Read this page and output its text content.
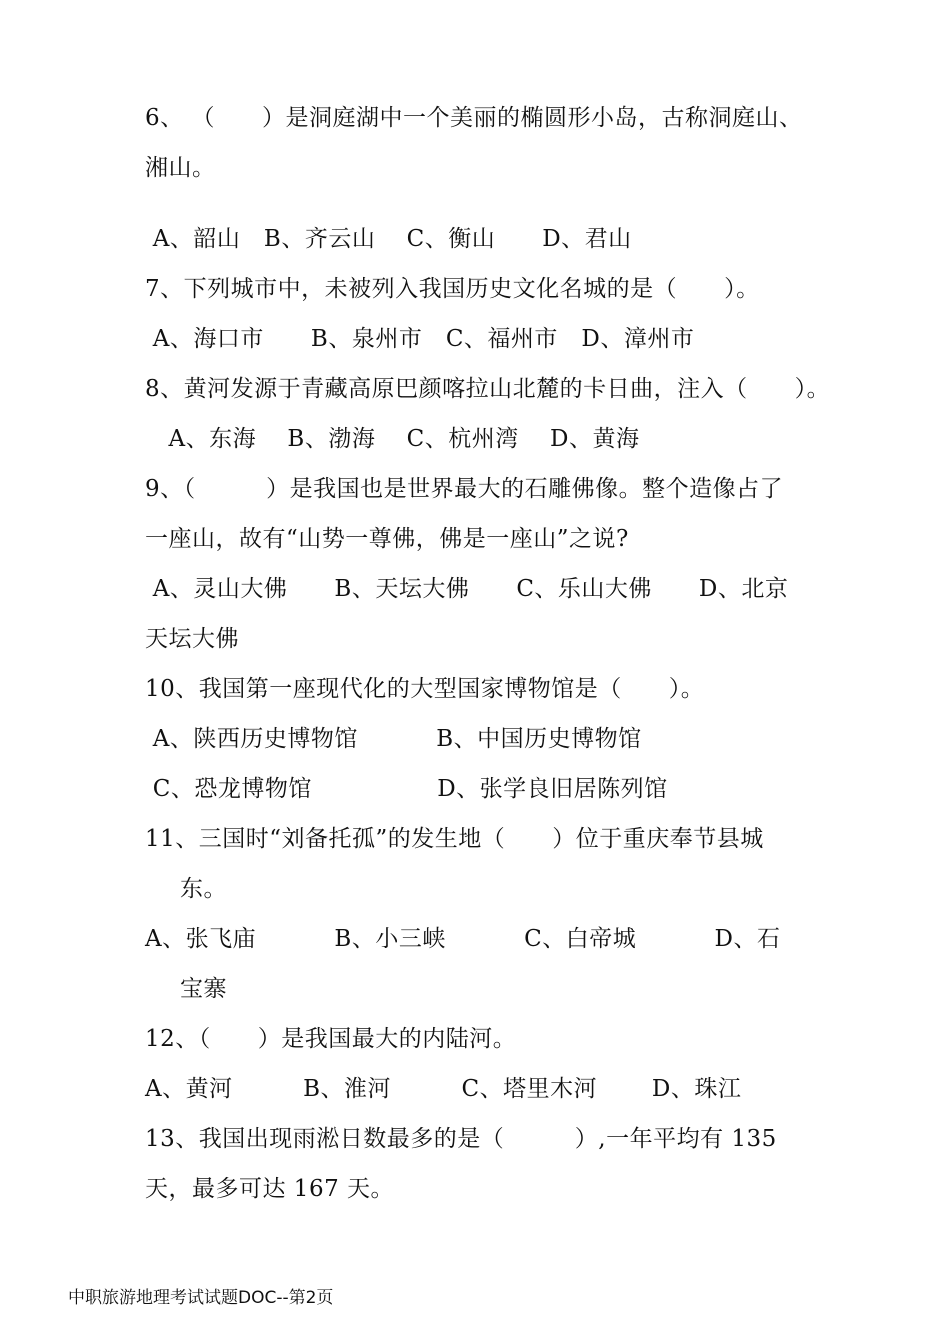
6、 （　　）是洞庭湖中一个美丽的椭圆形小岛，古称洞庭山、
湘山。
A、韶山　B、齐云山　 C、衡山　　D、君山
7、下列城市中，未被列入我国历史文化名城的是（　　）。
A、海口市　　B、泉州市　C、福州市　D、漳州市
8、黄河发源于青藏高原巴颜喀拉山北麓的卡日曲，注入（　　）。
　A、东海　 B、渤海　 C、杭州湾　 D、黄海
9、（　　　）是我国也是世界最大的石雕佛像。整个造像占了
一座山，故有“山势一尊佛，佛是一座山”之说?
A、灵山大佛　　B、天坛大佛　　C、乐山大佛　　D、北京
天坛大佛
10、我国第一座现代化的大型国家博物馆是（　　）。
A、陕西历史博物馆　　　 B、中国历史博物馆
C、恐龙博物馆　　　　　 D、张学良旧居陈列馆
11、三国时“刘备托孤”的发生地（　　）位于重庆奉节县城
东。
A、张飞庙　　　 B、小三峡　　　 C、白帝城　　　 D、石
宝寨
12、（　　）是我国最大的内陆河。
A、黄河　　　B、淮河　　　C、塔里木河　　 D、珠江
13、我国出现雨淞日数最多的是（　　　）,一年平均有 135
天，最多可达 167 天。
中职旅游地理考试试题DOC--第2页
